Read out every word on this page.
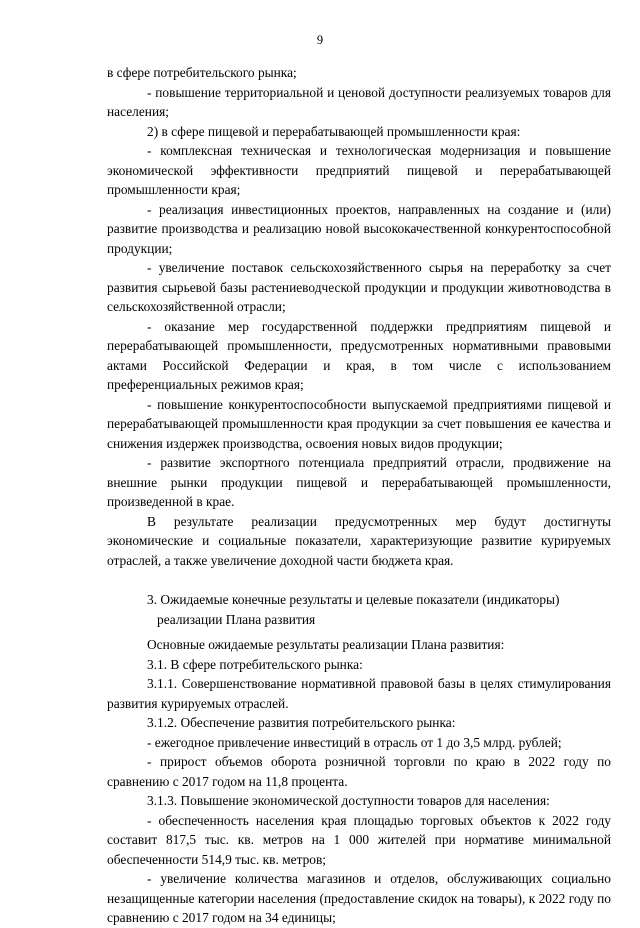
9

в сфере потребительского рынка;

- повышение территориальной и ценовой доступности реализуемых товаров для населения;

2) в сфере пищевой и перерабатывающей промышленности края:

- комплексная техническая и технологическая модернизация и повышение экономической эффективности предприятий пищевой и перерабатывающей промышленности края;

- реализация инвестиционных проектов, направленных на создание и (или) развитие производства и реализацию новой высококачественной конкурентоспособной продукции;

- увеличение поставок сельскохозяйственного сырья на переработку за счет развития сырьевой базы растениеводческой продукции и продукции животноводства в сельскохозяйственной отрасли;

- оказание мер государственной поддержки предприятиям пищевой и перерабатывающей промышленности, предусмотренных нормативными правовыми актами Российской Федерации и края, в том числе с использованием преференциальных режимов края;

- повышение конкурентоспособности выпускаемой предприятиями пищевой и перерабатывающей промышленности края продукции за счет повышения ее качества и снижения издержек производства, освоения новых видов продукции;

- развитие экспортного потенциала предприятий отрасли, продвижение на внешние рынки продукции пищевой и перерабатывающей промышленности, произведенной в крае.

В результате реализации предусмотренных мер будут достигнуты экономические и социальные показатели, характеризующие развитие курируемых отраслей, а также увеличение доходной части бюджета края.

3. Ожидаемые конечные результаты и целевые показатели (индикаторы)
реализации Плана развития

Основные ожидаемые результаты реализации Плана развития:

3.1. В сфере потребительского рынка:

3.1.1. Совершенствование нормативной правовой базы в целях стимулирования развития курируемых отраслей.

3.1.2. Обеспечение развития потребительского рынка:

- ежегодное привлечение инвестиций в отрасль от 1 до 3,5 млрд. рублей;

- прирост объемов оборота розничной торговли по краю в 2022 году по сравнению с 2017 годом на 11,8 процента.

3.1.3. Повышение экономической доступности товаров для населения:

- обеспеченность населения края площадью торговых объектов к 2022 году составит 817,5 тыс. кв. метров на 1 000 жителей при нормативе минимальной обеспеченности 514,9 тыс. кв. метров;

- увеличение количества магазинов и отделов, обслуживающих социально незащищенные категории населения (предоставление скидок на товары), к 2022 году по сравнению с 2017 годом на 34 единицы;
